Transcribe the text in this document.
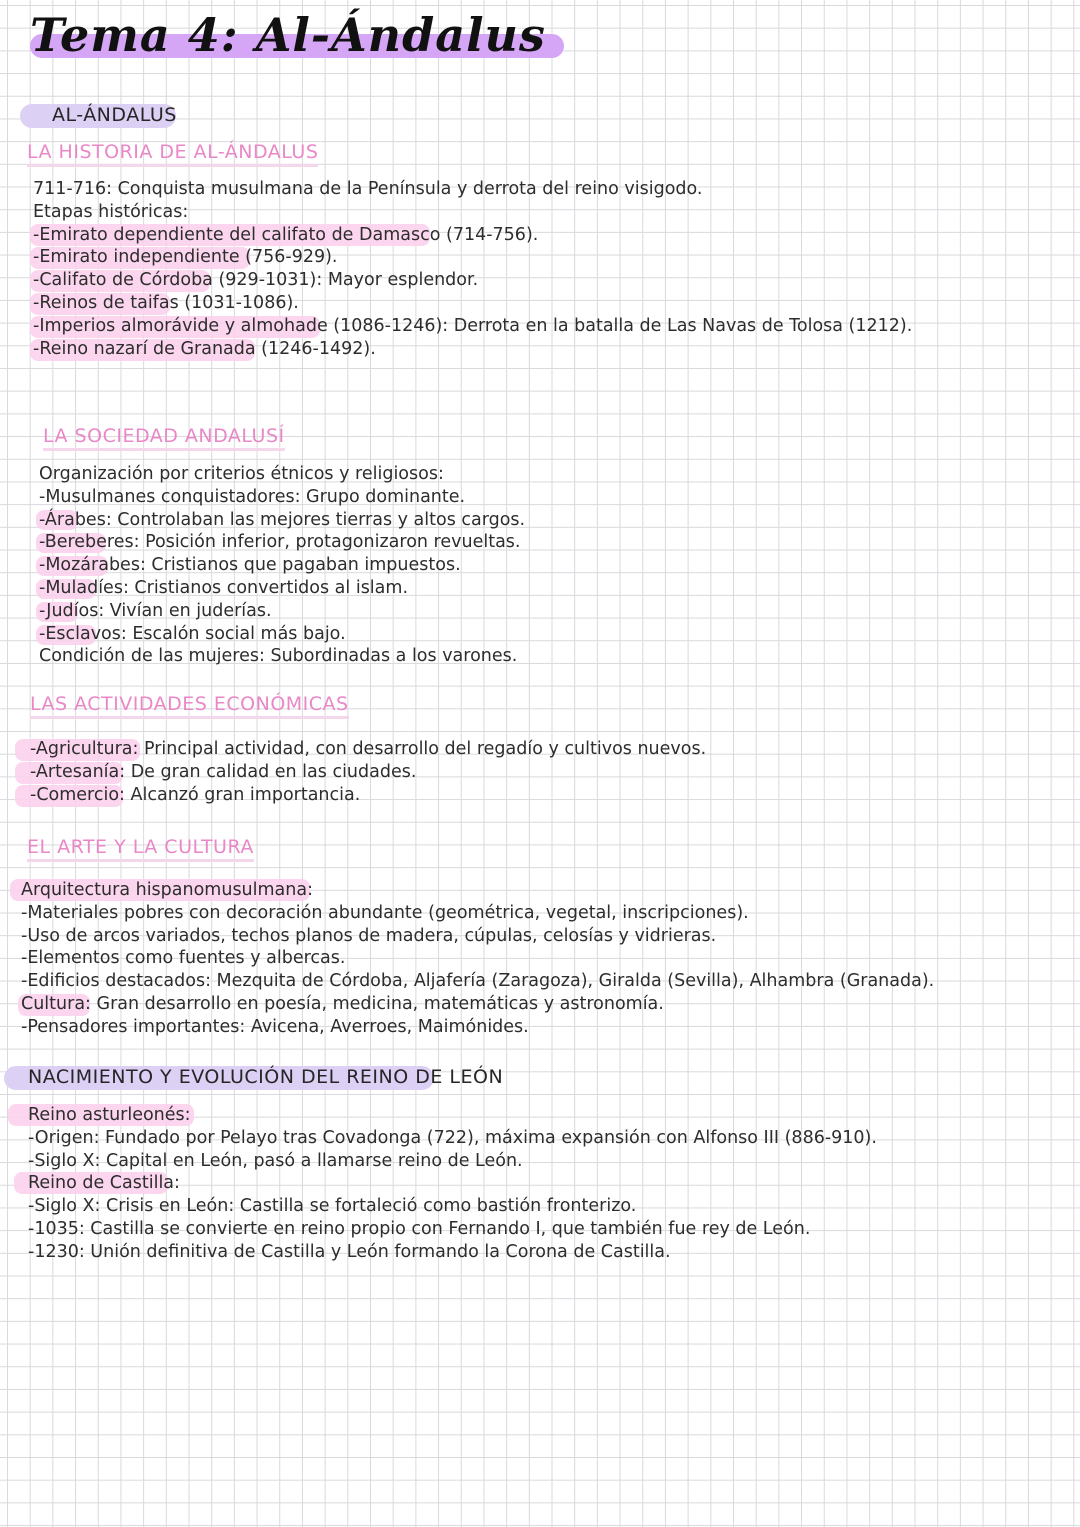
Tema 4: Al-Ándalus
AL-ÁNDALUS
LA HISTORIA DE AL-ÁNDALUS
711-716: Conquista musulmana de la Península y derrota del reino visigodo.
Etapas históricas:
-Emirato dependiente del califato de Damasco (714-756).
-Emirato independiente (756-929).
-Califato de Córdoba (929-1031): Mayor esplendor.
-Reinos de taifas (1031-1086).
-Imperios almorávide y almohade (1086-1246): Derrota en la batalla de Las Navas de Tolosa (1212).
-Reino nazarí de Granada (1246-1492).
LA SOCIEDAD ANDALUSÍ
Organización por criterios étnicos y religiosos:
-Musulmanes conquistadores: Grupo dominante.
-Árabes: Controlaban las mejores tierras y altos cargos.
-Bereberes: Posición inferior, protagonizaron revueltas.
-Mozárabes: Cristianos que pagaban impuestos.
-Muladíes: Cristianos convertidos al islam.
-Judíos: Vivían en juderías.
-Esclavos: Escalón social más bajo.
Condición de las mujeres: Subordinadas a los varones.
LAS ACTIVIDADES ECONÓMICAS
-Agricultura: Principal actividad, con desarrollo del regadío y cultivos nuevos.
-Artesanía: De gran calidad en las ciudades.
-Comercio: Alcanzó gran importancia.
EL ARTE Y LA CULTURA
Arquitectura hispanomusulmana:
-Materiales pobres con decoración abundante (geométrica, vegetal, inscripciones).
-Uso de arcos variados, techos planos de madera, cúpulas, celosías y vidrieras.
-Elementos como fuentes y albercas.
-Edificios destacados: Mezquita de Córdoba, Aljafería (Zaragoza), Giralda (Sevilla), Alhambra (Granada).
Cultura: Gran desarrollo en poesía, medicina, matemáticas y astronomía.
-Pensadores importantes: Avicena, Averroes, Maimónides.
NACIMIENTO Y EVOLUCIÓN DEL REINO DE LEÓN
Reino asturleonés:
-Origen: Fundado por Pelayo tras Covadonga (722), máxima expansión con Alfonso III (886-910).
-Siglo X: Capital en León, pasó a llamarse reino de León.
Reino de Castilla:
-Siglo X: Crisis en León: Castilla se fortaleció como bastión fronterizo.
-1035: Castilla se convierte en reino propio con Fernando I, que también fue rey de León.
-1230: Unión definitiva de Castilla y León formando la Corona de Castilla.
